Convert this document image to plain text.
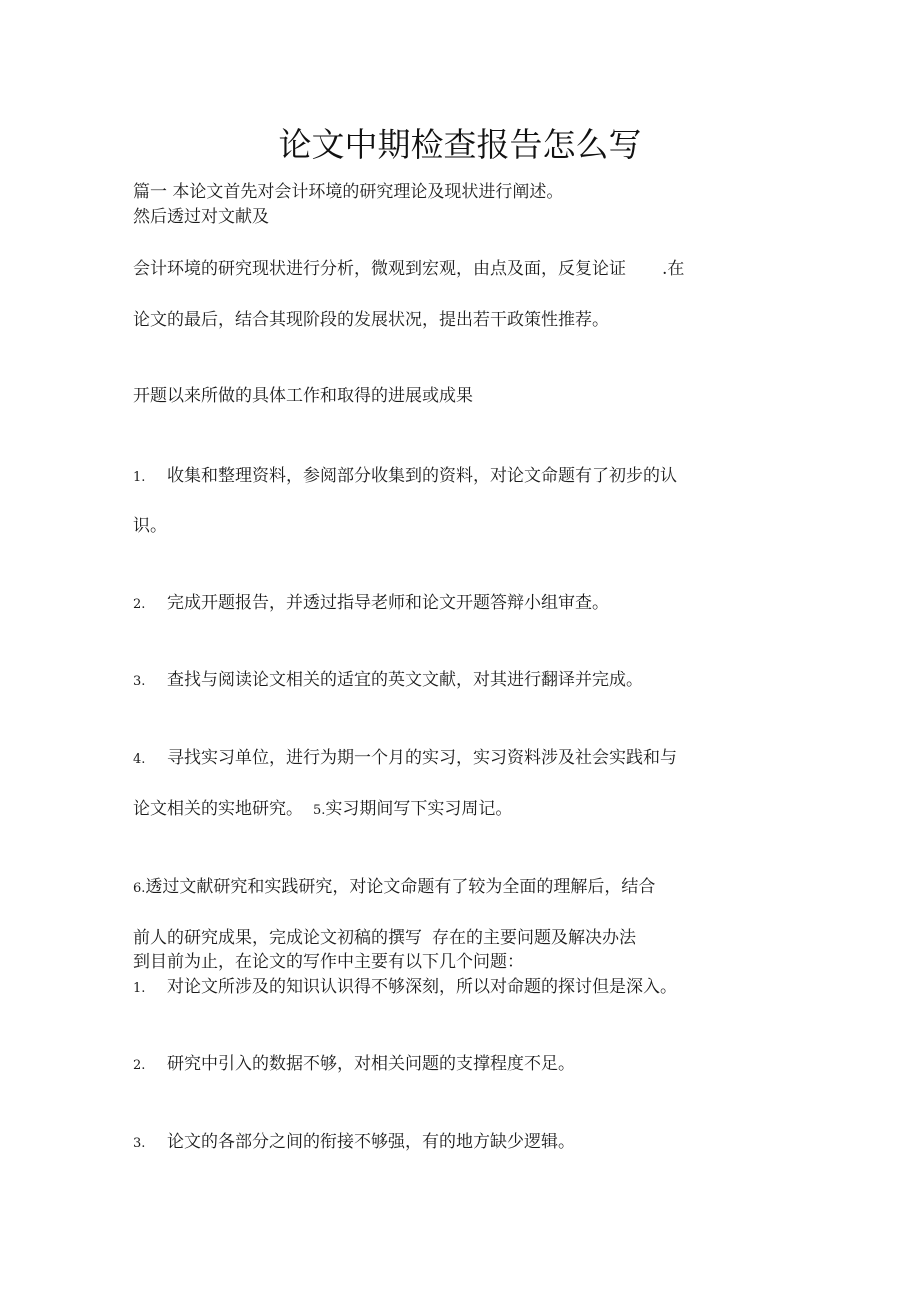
论文中期检查报告怎么写

篇一 本论文首先对会计环境的研究理论及现状进行阐述。

然后透过对文献及

会计环境的研究现状进行分析，微观到宏观，由点及面，反复论证 .在

论文的最后，结合其现阶段的发展状况，提出若干政策性推荐。

开题以来所做的具体工作和取得的进展或成果

1. 收集和整理资料，参阅部分收集到的资料，对论文命题有了初步的认

识。

2. 完成开题报告，并透过指导老师和论文开题答辩小组审查。

3. 查找与阅读论文相关的适宜的英文文献，对其进行翻译并完成。

4. 寻找实习单位，进行为期一个月的实习，实习资料涉及社会实践和与

论文相关的实地研究。 5.实习期间写下实习周记。

6.透过文献研究和实践研究，对论文命题有了较为全面的理解后，结合

前人的研究成果，完成论文初稿的撰写 存在的主要问题及解决办法

到目前为止，在论文的写作中主要有以下几个问题：

1. 对论文所涉及的知识认识得不够深刻，所以对命题的探讨但是深入。

2. 研究中引入的数据不够，对相关问题的支撑程度不足。

3. 论文的各部分之间的衔接不够强，有的地方缺少逻辑。
